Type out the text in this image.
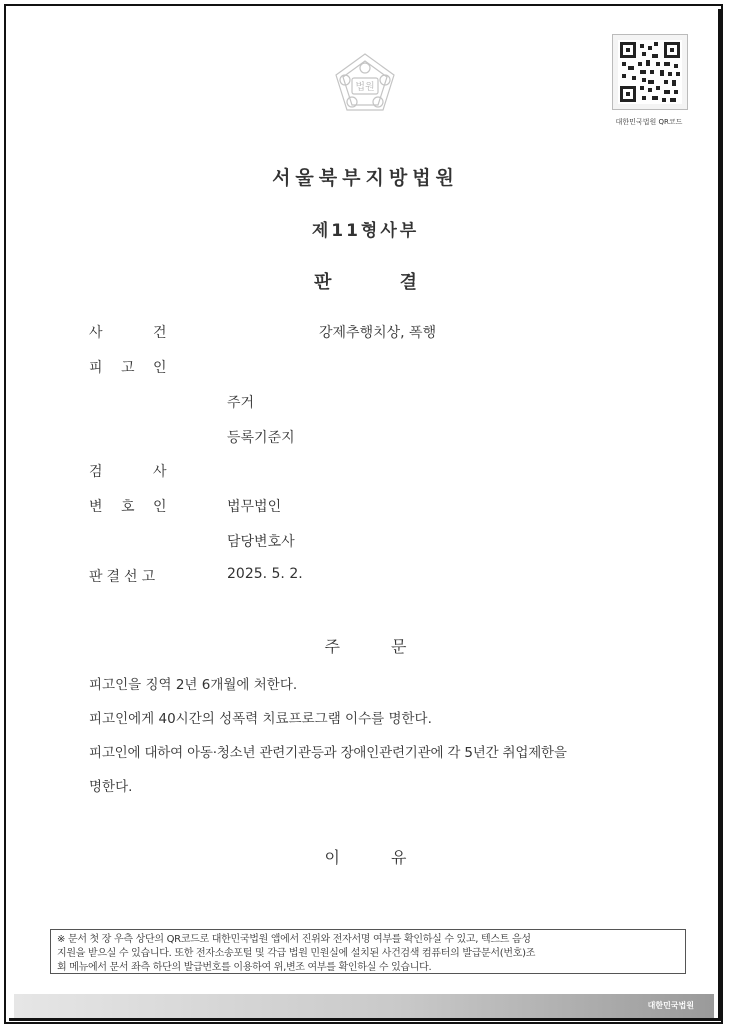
법원
대한민국법원 QR코드
서울북부지방법원
제11형사부
판 결
사 건	강제추행치상, 폭행
피 고 인
주거
등록기준지
검 사
변 호 인	법무법인
담당변호사
판결선고	2025. 5. 2.
주 문
피고인을 징역 2년 6개월에 처한다.
피고인에게 40시간의 성폭력 치료프로그램 이수를 명한다.
피고인에 대하여 아동·청소년 관련기관등과 장애인관련기관에 각 5년간 취업제한을
명한다.
이 유
※ 문서 첫 장 우측 상단의 QR코드로 대한민국법원 앱에서 진위와 전자서명 여부를 확인하실 수 있고, 텍스트 음성
지원을 받으실 수 있습니다. 또한 전자소송포털 및 각급 법원 민원실에 설치된 사건검색 컴퓨터의 발급문서(번호)조
회 메뉴에서 문서 좌측 하단의 발급번호를 이용하여 위,변조 여부를 확인하실 수 있습니다.
대한민국법원
